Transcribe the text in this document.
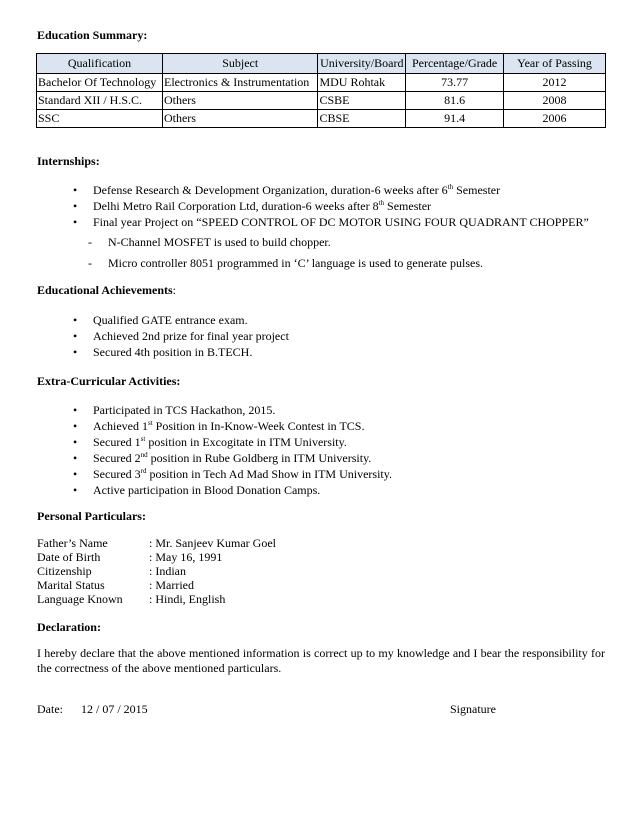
Education Summary:
Qualification	Subject	University/Board	Percentage/Grade	Year of Passing
Bachelor Of Technology	Electronics & Instrumentation	MDU Rohtak	73.77	2012
Standard XII / H.S.C.	Others	CSBE	81.6	2008
SSC	Others	CBSE	91.4	2006
Internships:
• Defense Research & Development Organization, duration-6 weeks after 6th Semester
• Delhi Metro Rail Corporation Ltd, duration-6 weeks after 8th Semester
• Final year Project on “SPEED CONTROL OF DC MOTOR USING FOUR QUADRANT CHOPPER”
- N-Channel MOSFET is used to build chopper.
- Micro controller 8051 programmed in ‘C’ language is used to generate pulses.
Educational Achievements:
• Qualified GATE entrance exam.
• Achieved 2nd prize for final year project
• Secured 4th position in B.TECH.
Extra-Curricular Activities:
• Participated in TCS Hackathon, 2015.
• Achieved 1st Position in In-Know-Week Contest in TCS.
• Secured 1st position in Excogitate in ITM University.
• Secured 2nd position in Rube Goldberg in ITM University.
• Secured 3rd position in Tech Ad Mad Show in ITM University.
• Active participation in Blood Donation Camps.
Personal Particulars:
Father’s Name	: Mr. Sanjeev Kumar Goel
Date of Birth	: May 16, 1991
Citizenship	: Indian
Marital Status	: Married
Language Known : Hindi, English
Declaration:
I hereby declare that the above mentioned information is correct up to my knowledge and I bear the responsibility for the correctness of the above mentioned particulars.
Date: 12 / 07 / 2015	Signature
